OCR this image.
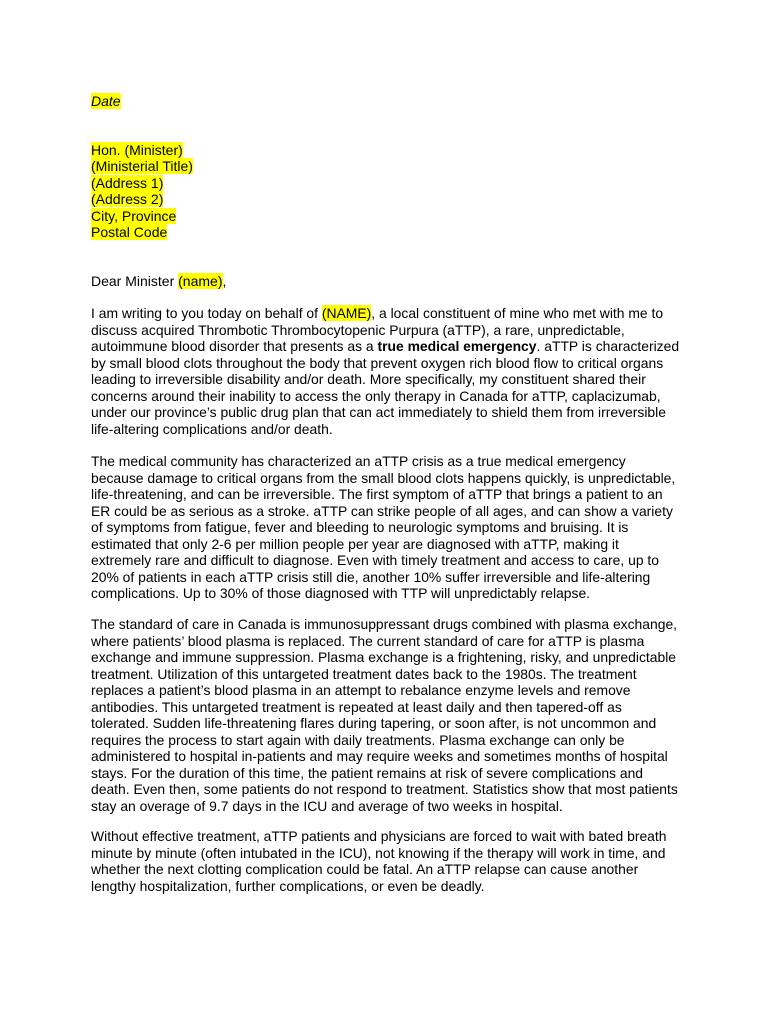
Date
Hon. (Minister)
(Ministerial Title)
(Address 1)
(Address 2)
City, Province
Postal Code
Dear Minister (name),
I am writing to you today on behalf of (NAME), a local constituent of mine who met with me to
discuss acquired Thrombotic Thrombocytopenic Purpura (aTTP), a rare, unpredictable,
autoimmune blood disorder that presents as a true medical emergency. aTTP is characterized
by small blood clots throughout the body that prevent oxygen rich blood flow to critical organs
leading to irreversible disability and/or death. More specifically, my constituent shared their
concerns around their inability to access the only therapy in Canada for aTTP, caplacizumab,
under our province’s public drug plan that can act immediately to shield them from irreversible
life-altering complications and/or death.
The medical community has characterized an aTTP crisis as a true medical emergency
because damage to critical organs from the small blood clots happens quickly, is unpredictable,
life-threatening, and can be irreversible. The first symptom of aTTP that brings a patient to an
ER could be as serious as a stroke. aTTP can strike people of all ages, and can show a variety
of symptoms from fatigue, fever and bleeding to neurologic symptoms and bruising. It is
estimated that only 2-6 per million people per year are diagnosed with aTTP, making it
extremely rare and difficult to diagnose. Even with timely treatment and access to care, up to
20% of patients in each aTTP crisis still die, another 10% suffer irreversible and life-altering
complications. Up to 30% of those diagnosed with TTP will unpredictably relapse.
The standard of care in Canada is immunosuppressant drugs combined with plasma exchange,
where patients’ blood plasma is replaced. The current standard of care for aTTP is plasma
exchange and immune suppression. Plasma exchange is a frightening, risky, and unpredictable
treatment. Utilization of this untargeted treatment dates back to the 1980s. The treatment
replaces a patient’s blood plasma in an attempt to rebalance enzyme levels and remove
antibodies. This untargeted treatment is repeated at least daily and then tapered-off as
tolerated. Sudden life-threatening flares during tapering, or soon after, is not uncommon and
requires the process to start again with daily treatments. Plasma exchange can only be
administered to hospital in-patients and may require weeks and sometimes months of hospital
stays. For the duration of this time, the patient remains at risk of severe complications and
death. Even then, some patients do not respond to treatment. Statistics show that most patients
stay an overage of 9.7 days in the ICU and average of two weeks in hospital.
Without effective treatment, aTTP patients and physicians are forced to wait with bated breath
minute by minute (often intubated in the ICU), not knowing if the therapy will work in time, and
whether the next clotting complication could be fatal. An aTTP relapse can cause another
lengthy hospitalization, further complications, or even be deadly.
